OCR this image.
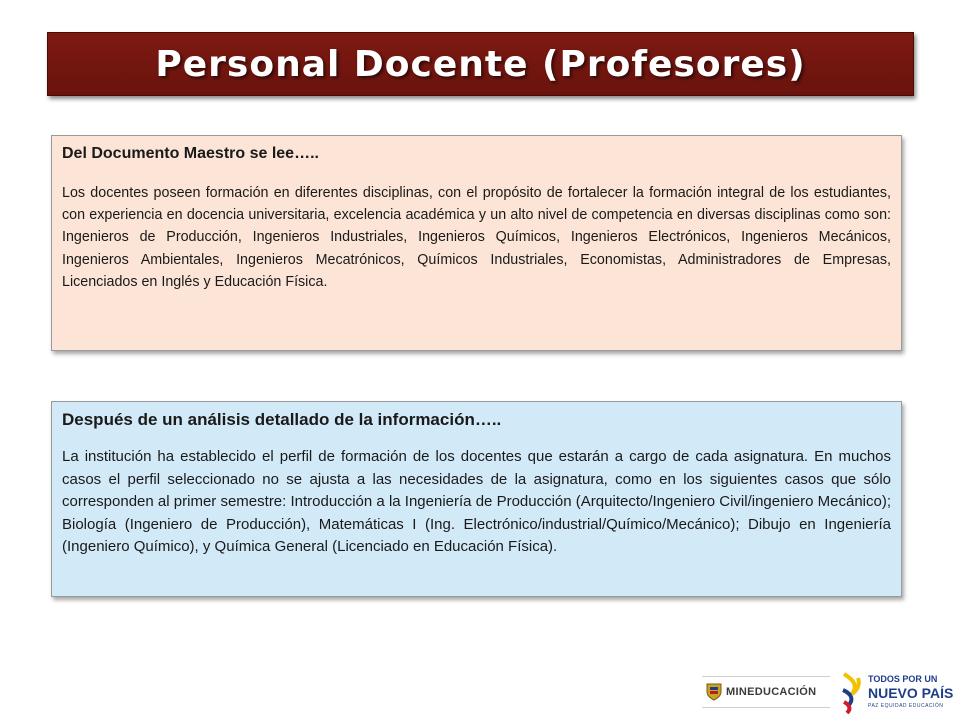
Personal Docente (Profesores)
Del Documento Maestro se lee…..
Los docentes poseen formación en diferentes disciplinas, con el propósito de fortalecer la formación integral de los estudiantes, con experiencia en docencia universitaria, excelencia académica y un alto nivel de competencia en diversas disciplinas como son: Ingenieros de Producción, Ingenieros Industriales, Ingenieros Químicos, Ingenieros Electrónicos, Ingenieros Mecánicos, Ingenieros Ambientales, Ingenieros Mecatrónicos, Químicos Industriales, Economistas, Administradores de Empresas, Licenciados en Inglés y Educación Física.
Después de un análisis detallado de la información…..
La institución ha establecido el perfil de formación de los docentes que estarán a cargo de cada asignatura. En muchos casos el perfil seleccionado no se ajusta a las necesidades de la asignatura, como en los siguientes casos que sólo corresponden al primer semestre: Introducción a la Ingeniería de Producción (Arquitecto/Ingeniero Civil/ingeniero Mecánico); Biología (Ingeniero de Producción), Matemáticas I (Ing. Electrónico/industrial/Químico/Mecánico); Dibujo en Ingeniería (Ingeniero Químico), y Química General (Licenciado en Educación Física).
MINEDUCACIÓN
TODOS POR UN
NUEVO PAÍS
PAZ EQUIDAD EDUCACIÓN
